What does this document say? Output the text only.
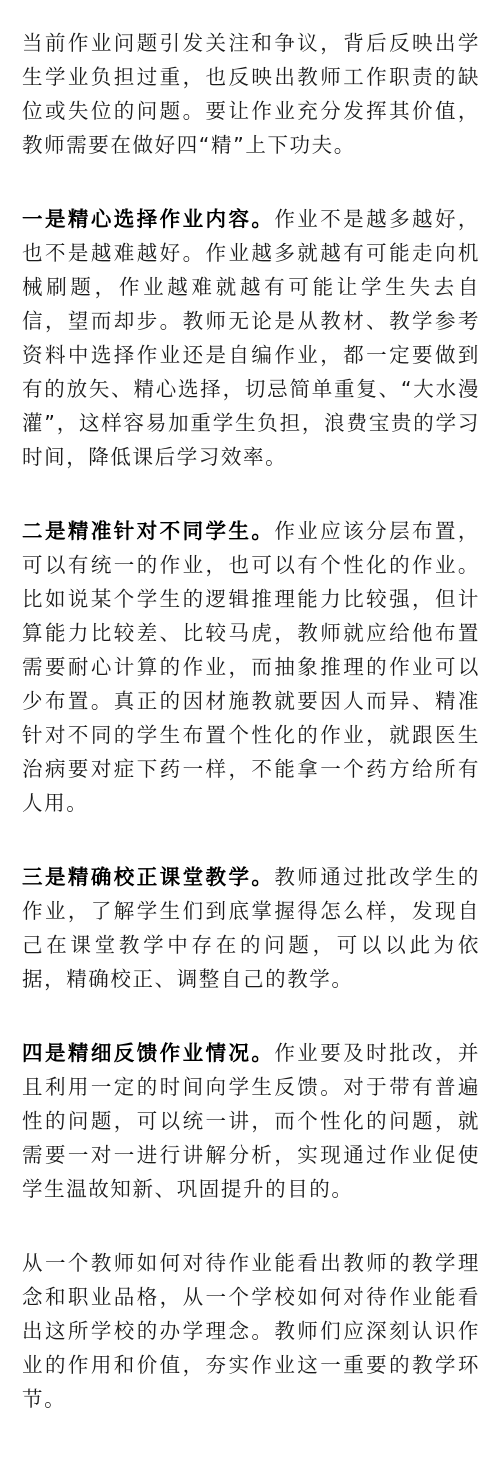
当前作业问题引发关注和争议，背后反映出学生学业负担过重，也反映出教师工作职责的缺位或失位的问题。要让作业充分发挥其价值，教师需要在做好四“精”上下功夫。

一是精心选择作业内容。作业不是越多越好，也不是越难越好。作业越多就越有可能走向机械刷题，作业越难就越有可能让学生失去自信，望而却步。教师无论是从教材、教学参考资料中选择作业还是自编作业，都一定要做到有的放矢、精心选择，切忌简单重复、“大水漫灌”，这样容易加重学生负担，浪费宝贵的学习时间，降低课后学习效率。

二是精准针对不同学生。作业应该分层布置，可以有统一的作业，也可以有个性化的作业。比如说某个学生的逻辑推理能力比较强，但计算能力比较差、比较马虎，教师就应给他布置需要耐心计算的作业，而抽象推理的作业可以少布置。真正的因材施教就要因人而异、精准针对不同的学生布置个性化的作业，就跟医生治病要对症下药一样，不能拿一个药方给所有人用。

三是精确校正课堂教学。教师通过批改学生的作业，了解学生们到底掌握得怎么样，发现自己在课堂教学中存在的问题，可以以此为依据，精确校正、调整自己的教学。

四是精细反馈作业情况。作业要及时批改，并且利用一定的时间向学生反馈。对于带有普遍性的问题，可以统一讲，而个性化的问题，就需要一对一进行讲解分析，实现通过作业促使学生温故知新、巩固提升的目的。

从一个教师如何对待作业能看出教师的教学理念和职业品格，从一个学校如何对待作业能看出这所学校的办学理念。教师们应深刻认识作业的作用和价值，夯实作业这一重要的教学环节。
